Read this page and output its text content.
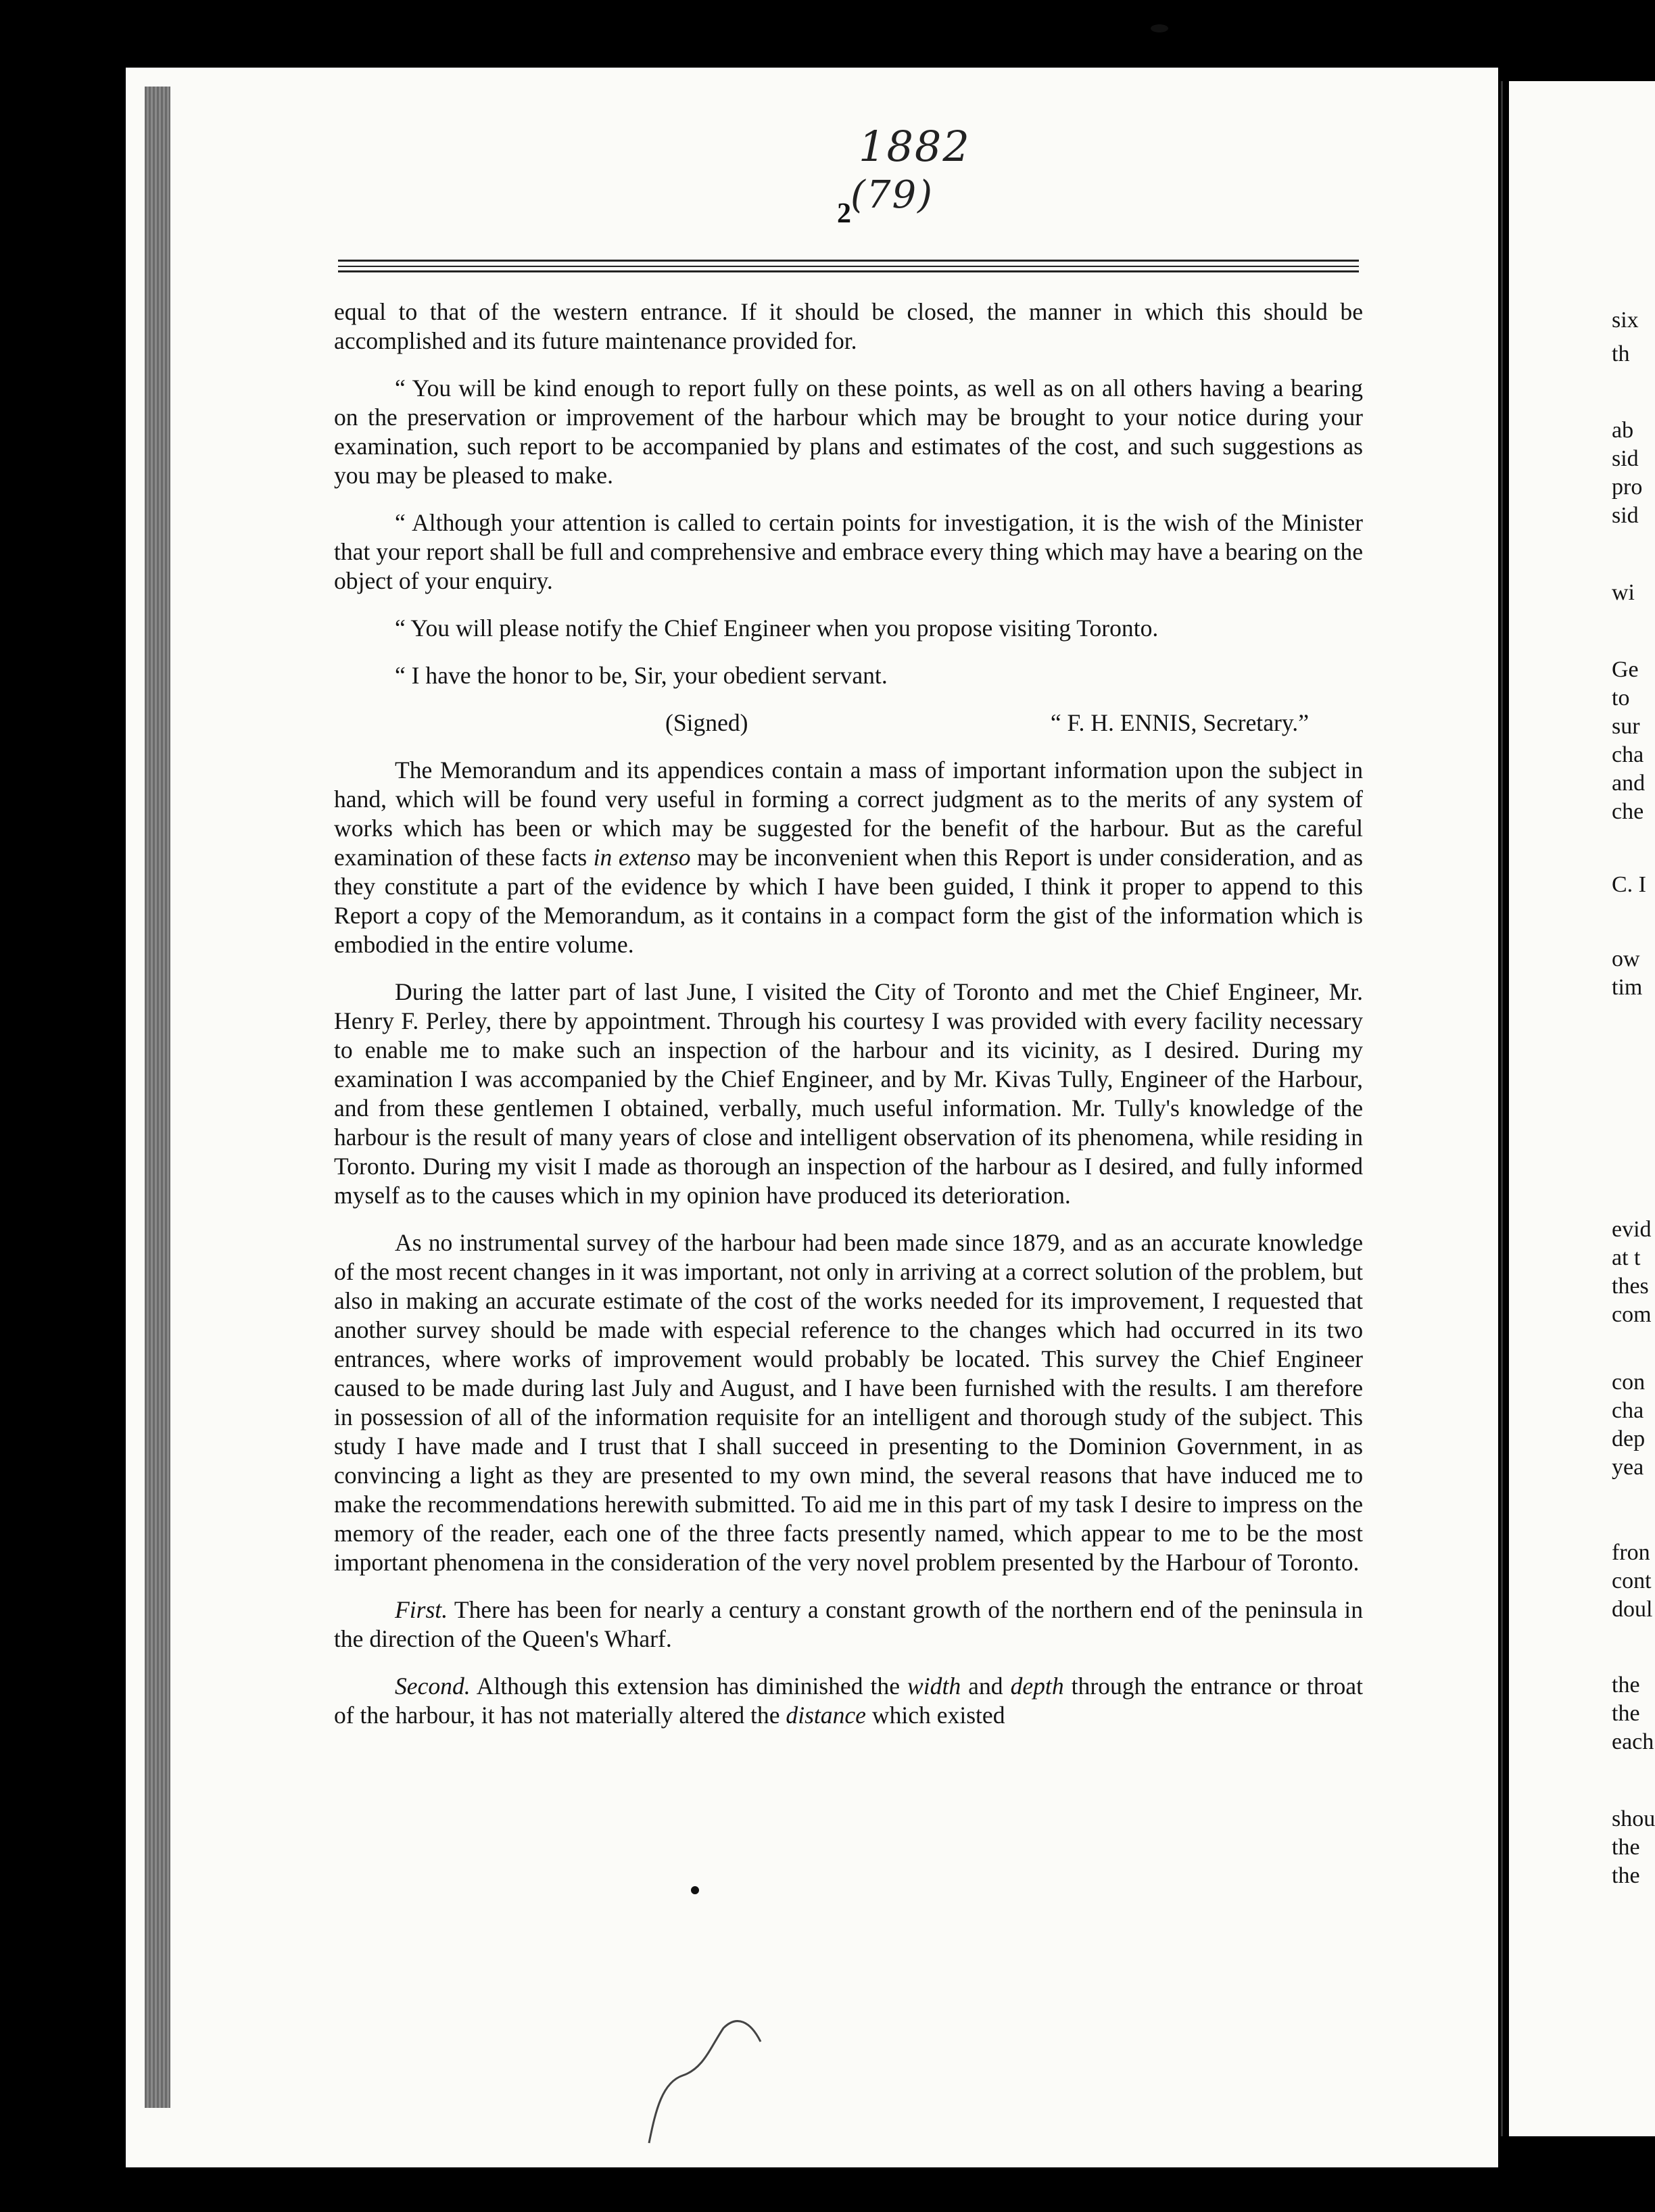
1882
(79)
2

equal to that of the western entrance. If it should be closed, the manner in which this should be accomplished and its future maintenance provided for.

“ You will be kind enough to report fully on these points, as well as on all others having a bearing on the preservation or improvement of the harbour which may be brought to your notice during your examination, such report to be accompanied by plans and estimates of the cost, and such suggestions as you may be pleased to make.

“ Although your attention is called to certain points for investigation, it is the wish of the Minister that your report shall be full and comprehensive and embrace every thing which may have a bearing on the object of your enquiry.

“ You will please notify the Chief Engineer when you propose visiting Toronto.

“ I have the honor to be, Sir, your obedient servant.

(Signed)	“ F. H. ENNIS, Secretary.”

The Memorandum and its appendices contain a mass of important information upon the subject in hand, which will be found very useful in forming a correct judgment as to the merits of any system of works which has been or which may be suggested for the benefit of the harbour. But as the careful examination of these facts in extenso may be inconvenient when this Report is under consideration, and as they constitute a part of the evidence by which I have been guided, I think it proper to append to this Report a copy of the Memorandum, as it contains in a compact form the gist of the information which is embodied in the entire volume.

During the latter part of last June, I visited the City of Toronto and met the Chief Engineer, Mr. Henry F. Perley, there by appointment. Through his courtesy I was provided with every facility necessary to enable me to make such an inspection of the harbour and its vicinity, as I desired. During my examination I was accompanied by the Chief Engineer, and by Mr. Kivas Tully, Engineer of the Harbour, and from these gentlemen I obtained, verbally, much useful information. Mr. Tully's knowledge of the harbour is the result of many years of close and intelligent observation of its phenomena, while residing in Toronto. During my visit I made as thorough an inspection of the harbour as I desired, and fully informed myself as to the causes which in my opinion have produced its deterioration.

As no instrumental survey of the harbour had been made since 1879, and as an accurate knowledge of the most recent changes in it was important, not only in arriving at a correct solution of the problem, but also in making an accurate estimate of the cost of the works needed for its improvement, I requested that another survey should be made with especial reference to the changes which had occurred in its two entrances, where works of improvement would probably be located. This survey the Chief Engineer caused to be made during last July and August, and I have been furnished with the results. I am therefore in possession of all of the information requisite for an intelligent and thorough study of the subject. This study I have made and I trust that I shall succeed in presenting to the Dominion Government, in as convincing a light as they are presented to my own mind, the several reasons that have induced me to make the recommendations herewith submitted. To aid me in this part of my task I desire to impress on the memory of the reader, each one of the three facts presently named, which appear to me to be the most important phenomena in the consideration of the very novel problem presented by the Harbour of Toronto.

First. There has been for nearly a century a constant growth of the northern end of the peninsula in the direction of the Queen's Wharf.

Second. Although this extension has diminished the width and depth through the entrance or throat of the harbour, it has not materially altered the distance which existed

six
th
ab
sid
pro
sid
wi
Ge
to
sur
cha
and
che
C. I
ow
tim
evid
at t
thes
com
con
cha
dep
yea
fron
cont
doul
the
the
each
shou
the
the
